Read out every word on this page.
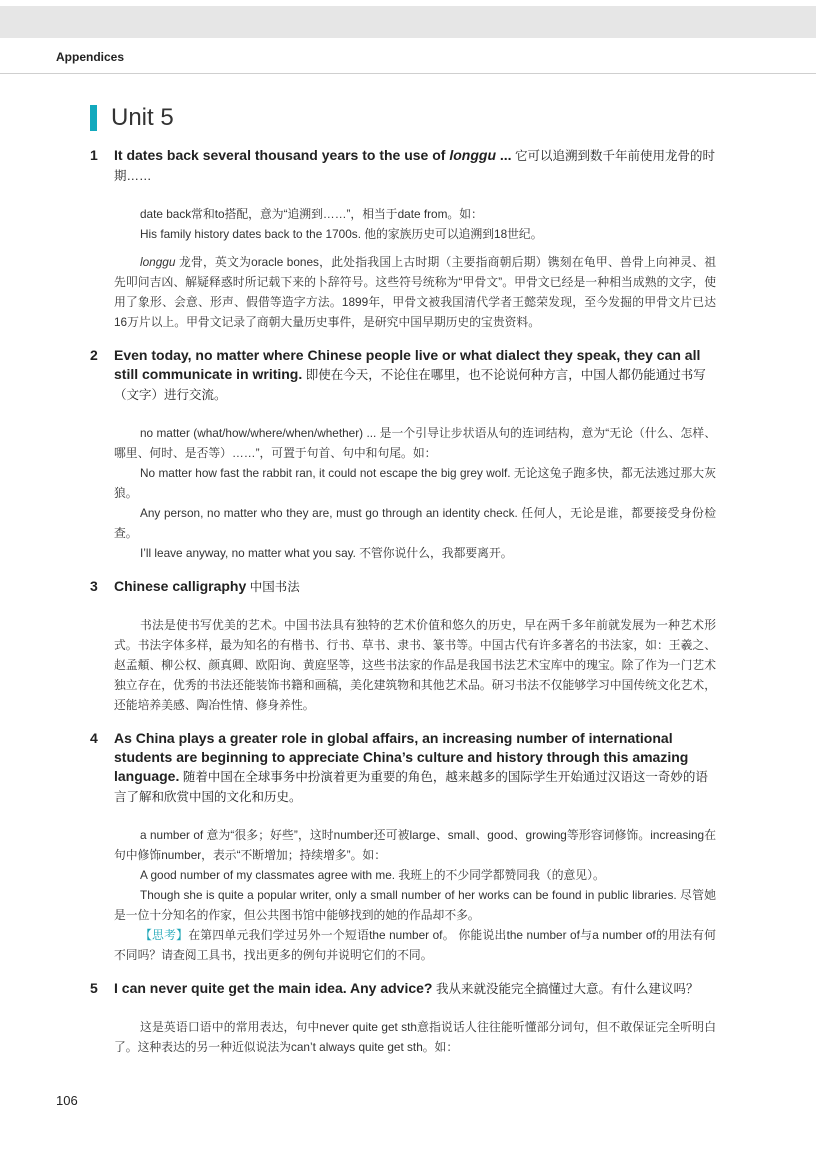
Appendices
Unit 5
1	It dates back several thousand years to the use of longgu ... 它可以追溯到数千年前使用龙骨的时期……

date back常和to搭配，意为“追溯到……”，相当于date from。如：

His family history dates back to the 1700s. 他的家族历史可以追溯到18世纪。

longgu 龙骨，英文为oracle bones，此处指我国上古时期（主要指商朝后期）镌刻在龟甲、兽骨上向神灵、祖先叩问吉凶、解疑释惑时所记载下来的卜辞符号。这些符号统称为“甲骨文”。甲骨文已经是一种相当成熟的文字，使用了象形、会意、形声、假借等造字方法。1899年，甲骨文被我国清代学者王懿荣发现，至今发掘的甲骨文片已达16万片以上。甲骨文记录了商朝大量历史事件，是研究中国早期历史的宝贵资料。

2	Even today, no matter where Chinese people live or what dialect they speak, they can all still communicate in writing. 即使在今天，不论住在哪里，也不论说何种方言，中国人都仍能通过书写（文字）进行交流。

no matter (what/how/where/when/whether) ... 是一个引导让步状语从句的连词结构，意为“无论（什么、怎样、哪里、何时、是否等）……”，可置于句首、句中和句尾。如：

No matter how fast the rabbit ran, it could not escape the big grey wolf. 无论这兔子跑多快，都无法逃过那大灰狼。

Any person, no matter who they are, must go through an identity check. 任何人，无论是谁，都要接受身份检查。

I’ll leave anyway, no matter what you say. 不管你说什么，我都要离开。

3	Chinese calligraphy 中国书法

书法是使书写优美的艺术。中国书法具有独特的艺术价值和悠久的历史，早在两千多年前就发展为一种艺术形式。书法字体多样，最为知名的有楷书、行书、草书、隶书、篆书等。中国古代有许多著名的书法家，如：王羲之、赵孟頫、柳公权、颜真卿、欧阳询、黄庭坚等，这些书法家的作品是我国书法艺术宝库中的瑰宝。除了作为一门艺术独立存在，优秀的书法还能装饰书籍和画稿，美化建筑物和其他艺术品。研习书法不仅能够学习中国传统文化艺术，还能培养美感、陶冶性情、修身养性。

4	As China plays a greater role in global affairs, an increasing number of international students are beginning to appreciate China’s culture and history through this amazing language. 随着中国在全球事务中扮演着更为重要的角色，越来越多的国际学生开始通过汉语这一奇妙的语言了解和欣赏中国的文化和历史。

a number of 意为“很多；好些”，这时number还可被large、small、good、growing等形容词修饰。increasing在句中修饰number，表示“不断增加；持续增多”。如：

A good number of my classmates agree with me. 我班上的不少同学都赞同我（的意见）。

Though she is quite a popular writer, only a small number of her works can be found in public libraries. 尽管她是一位十分知名的作家，但公共图书馆中能够找到的她的作品却不多。

【思考】在第四单元我们学过另外一个短语the number of。 你能说出the number of与a number of的用法有何不同吗？请查阅工具书，找出更多的例句并说明它们的不同。

5	I can never quite get the main idea. Any advice? 我从来就没能完全搞懂过大意。有什么建议吗？

这是英语口语中的常用表达，句中never quite get sth意指说话人往往能听懂部分词句，但不敢保证完全听明白了。这种表达的另一种近似说法为can’t always quite get sth。如：

106
